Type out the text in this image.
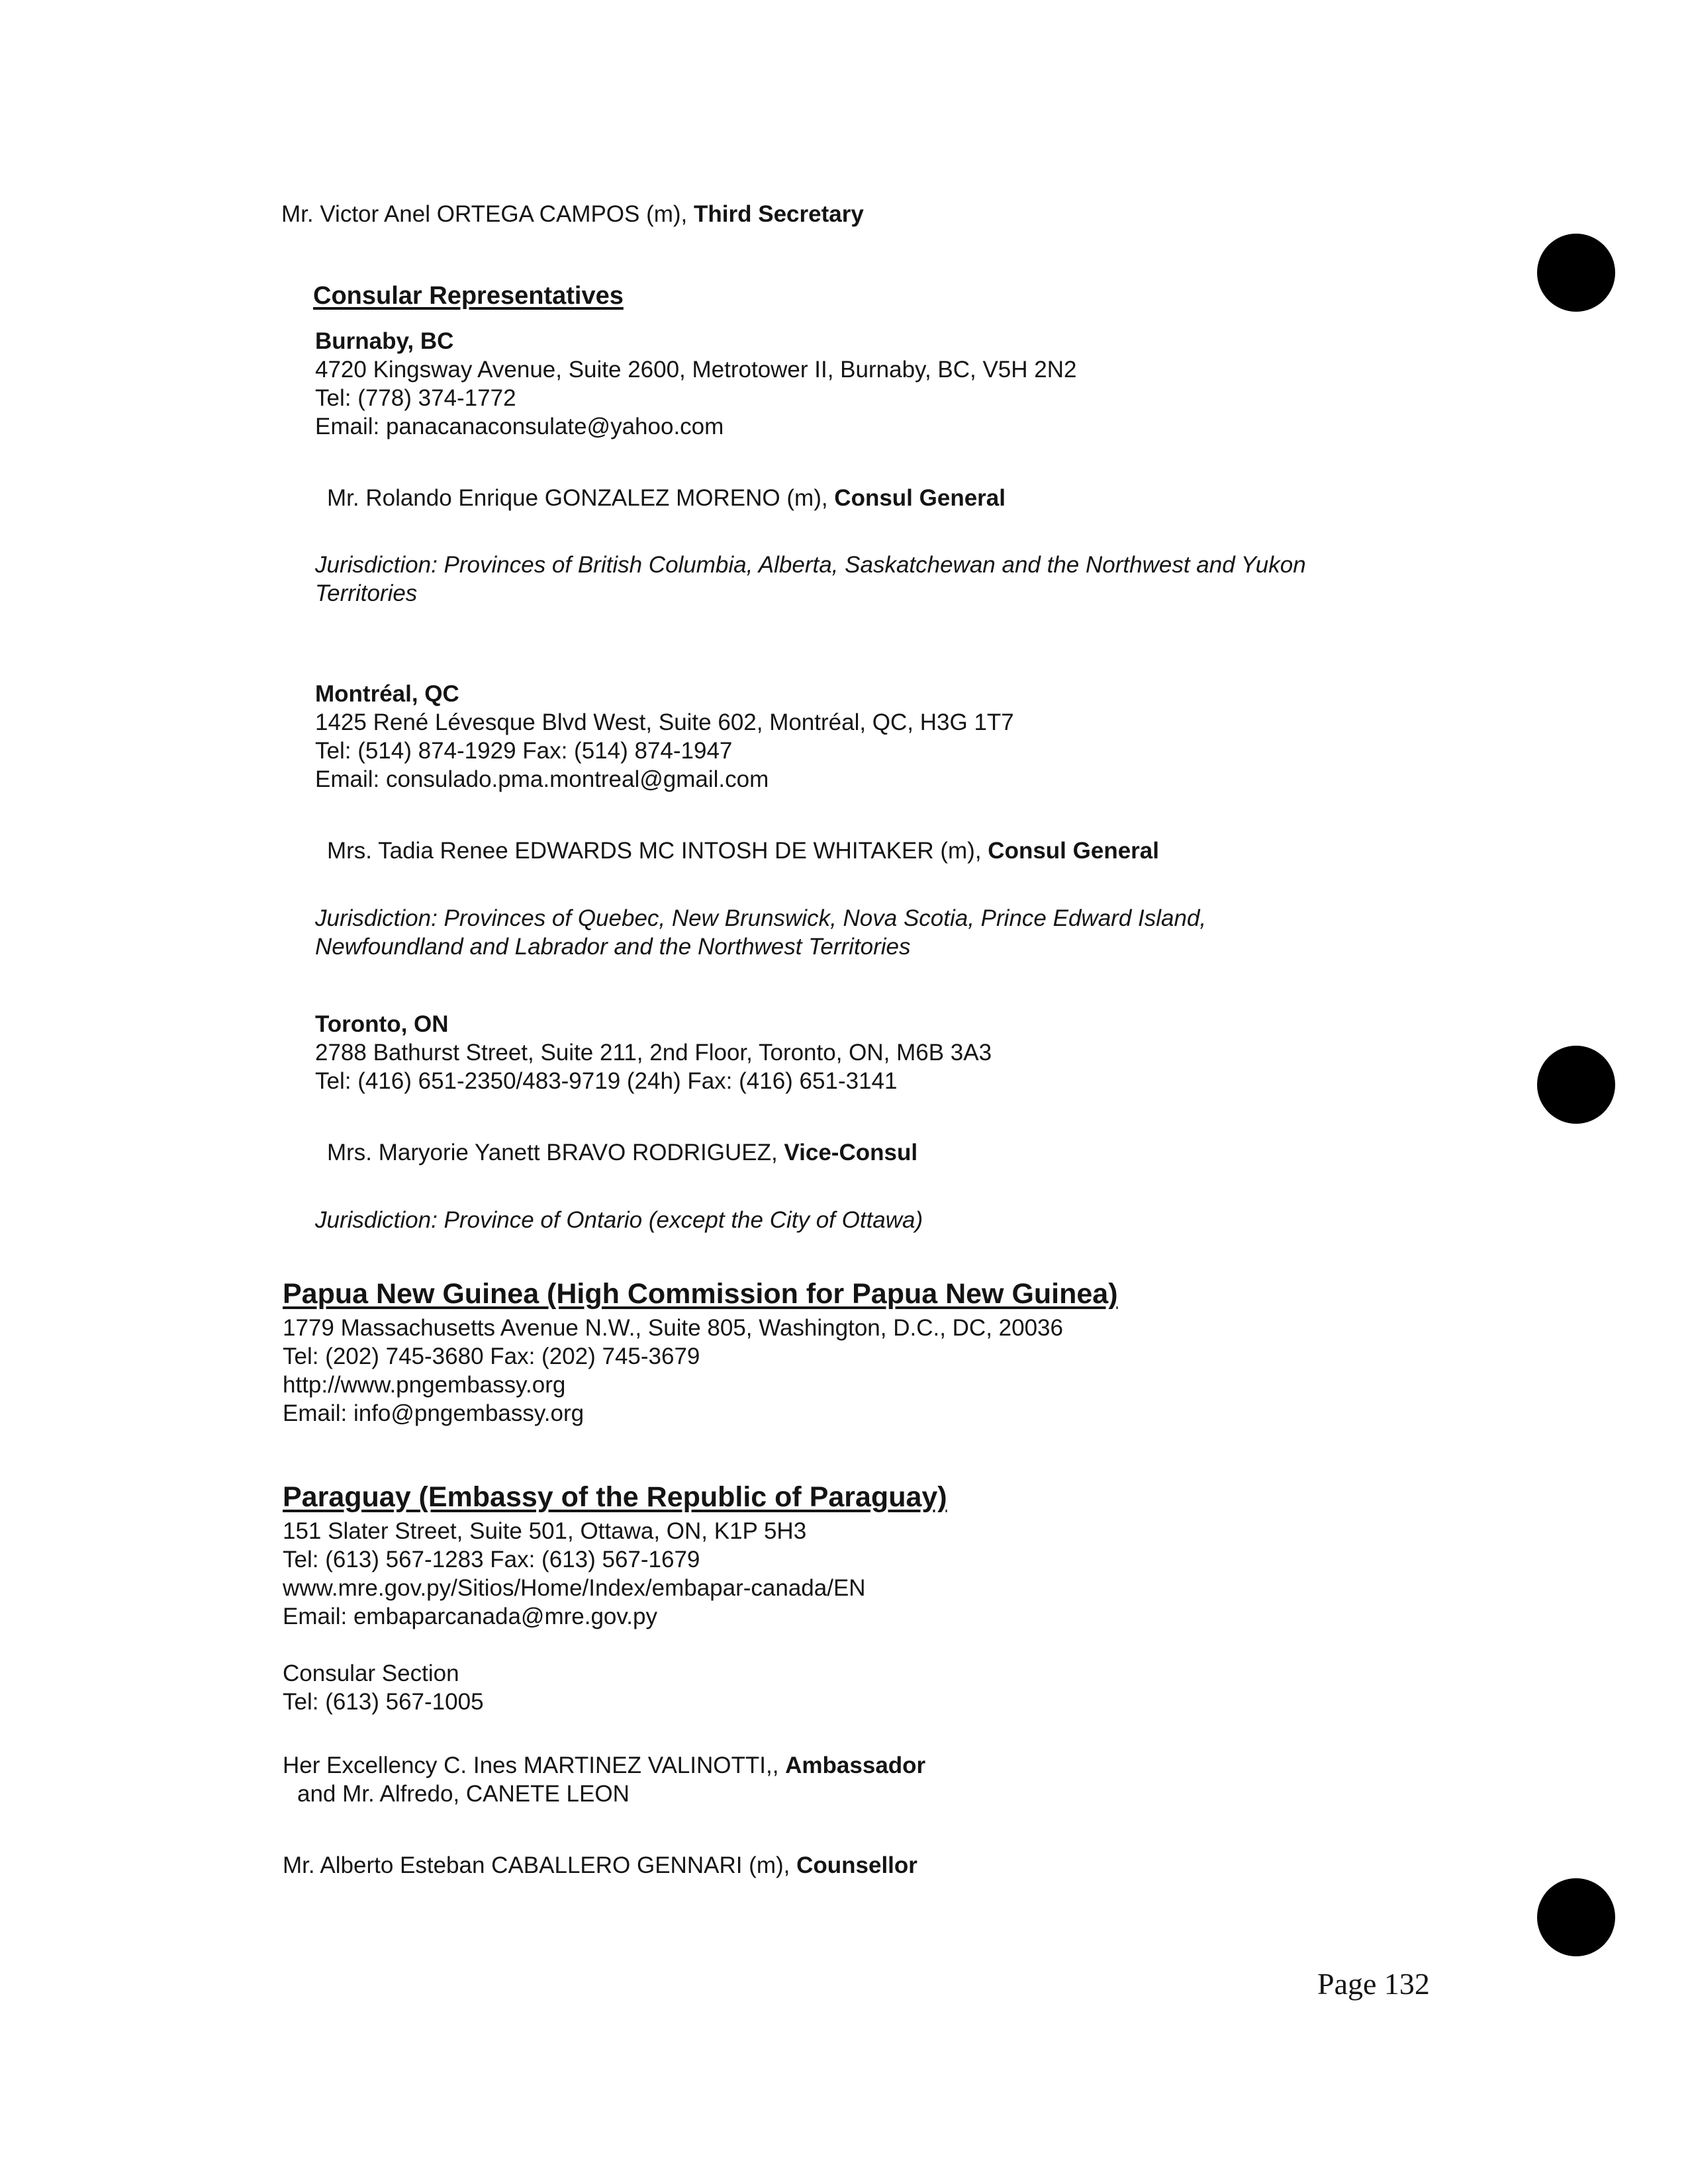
Mr. Victor Anel ORTEGA CAMPOS (m), Third Secretary
Consular Representatives
Burnaby, BC
4720 Kingsway Avenue, Suite 2600, Metrotower II, Burnaby, BC, V5H 2N2
Tel: (778) 374-1772
Email: panacanaconsulate@yahoo.com
Mr. Rolando Enrique GONZALEZ MORENO (m), Consul General
Jurisdiction: Provinces of British Columbia, Alberta, Saskatchewan and the Northwest and Yukon
Territories
Montréal, QC
1425 René Lévesque Blvd West, Suite 602, Montréal, QC, H3G 1T7
Tel: (514) 874-1929 Fax: (514) 874-1947
Email: consulado.pma.montreal@gmail.com
Mrs. Tadia Renee EDWARDS MC INTOSH DE WHITAKER (m), Consul General
Jurisdiction: Provinces of Quebec, New Brunswick, Nova Scotia, Prince Edward Island,
Newfoundland and Labrador and the Northwest Territories
Toronto, ON
2788 Bathurst Street, Suite 211, 2nd Floor, Toronto, ON, M6B 3A3
Tel: (416) 651-2350/483-9719 (24h) Fax: (416) 651-3141
Mrs. Maryorie Yanett BRAVO RODRIGUEZ, Vice-Consul
Jurisdiction: Province of Ontario (except the City of Ottawa)
Papua New Guinea (High Commission for Papua New Guinea)
1779 Massachusetts Avenue N.W., Suite 805, Washington, D.C., DC, 20036
Tel: (202) 745-3680 Fax: (202) 745-3679
http://www.pngembassy.org
Email: info@pngembassy.org
Paraguay (Embassy of the Republic of Paraguay)
151 Slater Street, Suite 501, Ottawa, ON, K1P 5H3
Tel: (613) 567-1283 Fax: (613) 567-1679
www.mre.gov.py/Sitios/Home/Index/embapar-canada/EN
Email: embaparcanada@mre.gov.py
Consular Section
Tel: (613) 567-1005
Her Excellency C. Ines MARTINEZ VALINOTTI,, Ambassador
and Mr. Alfredo, CANETE LEON
Mr. Alberto Esteban CABALLERO GENNARI (m), Counsellor
Page 132
